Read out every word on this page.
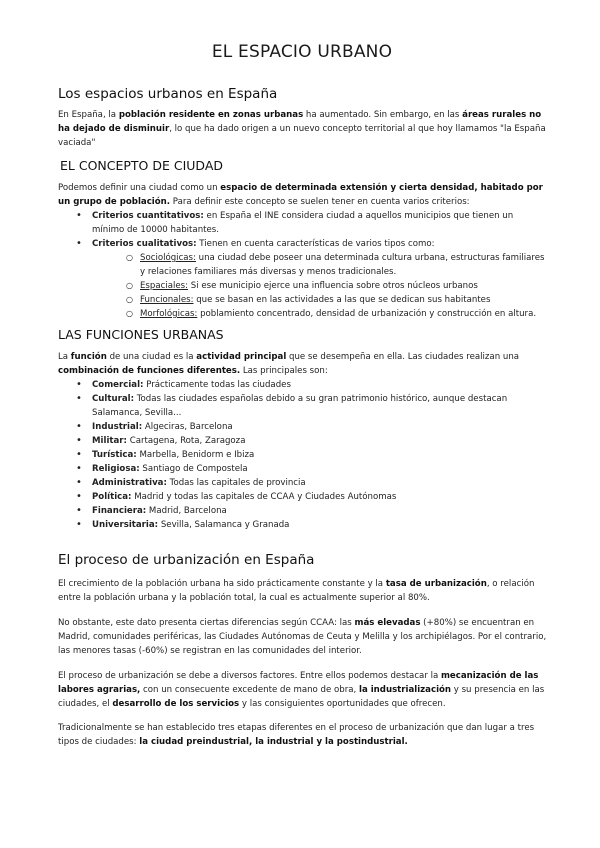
EL ESPACIO URBANO
Los espacios urbanos en España
En España, la población residente en zonas urbanas ha aumentado. Sin embargo, en las áreas rurales no ha dejado de disminuir, lo que ha dado origen a un nuevo concepto territorial al que hoy llamamos "la España vaciada"
EL CONCEPTO DE CIUDAD
Podemos definir una ciudad como un espacio de determinada extensión y cierta densidad, habitado por un grupo de población. Para definir este concepto se suelen tener en cuenta varios criterios:
• Criterios cuantitativos: en España el INE considera ciudad a aquellos municipios que tienen un mínimo de 10000 habitantes.
• Criterios cualitativos: Tienen en cuenta características de varios tipos como:
○ Sociológicas: una ciudad debe poseer una determinada cultura urbana, estructuras familiares y relaciones familiares más diversas y menos tradicionales.
○ Espaciales: Si ese municipio ejerce una influencia sobre otros núcleos urbanos
○ Funcionales: que se basan en las actividades a las que se dedican sus habitantes
○ Morfológicas: poblamiento concentrado, densidad de urbanización y construcción en altura.
LAS FUNCIONES URBANAS
La función de una ciudad es la actividad principal que se desempeña en ella. Las ciudades realizan una combinación de funciones diferentes. Las principales son:
• Comercial: Prácticamente todas las ciudades
• Cultural: Todas las ciudades españolas debido a su gran patrimonio histórico, aunque destacan Salamanca, Sevilla...
• Industrial: Algeciras, Barcelona
• Militar: Cartagena, Rota, Zaragoza
• Turística: Marbella, Benidorm e Ibiza
• Religiosa: Santiago de Compostela
• Administrativa: Todas las capitales de provincia
• Política: Madrid y todas las capitales de CCAA y Ciudades Autónomas
• Financiera: Madrid, Barcelona
• Universitaria: Sevilla, Salamanca y Granada
El proceso de urbanización en España
El crecimiento de la población urbana ha sido prácticamente constante y la tasa de urbanización, o relación entre la población urbana y la población total, la cual es actualmente superior al 80%.
No obstante, este dato presenta ciertas diferencias según CCAA: las más elevadas (+80%) se encuentran en Madrid, comunidades periféricas, las Ciudades Autónomas de Ceuta y Melilla y los archipiélagos. Por el contrario, las menores tasas (-60%) se registran en las comunidades del interior.
El proceso de urbanización se debe a diversos factores. Entre ellos podemos destacar la mecanización de las labores agrarias, con un consecuente excedente de mano de obra, la industrialización y su presencia en las ciudades, el desarrollo de los servicios y las consiguientes oportunidades que ofrecen.
Tradicionalmente se han establecido tres etapas diferentes en el proceso de urbanización que dan lugar a tres tipos de ciudades: la ciudad preindustrial, la industrial y la postindustrial.
